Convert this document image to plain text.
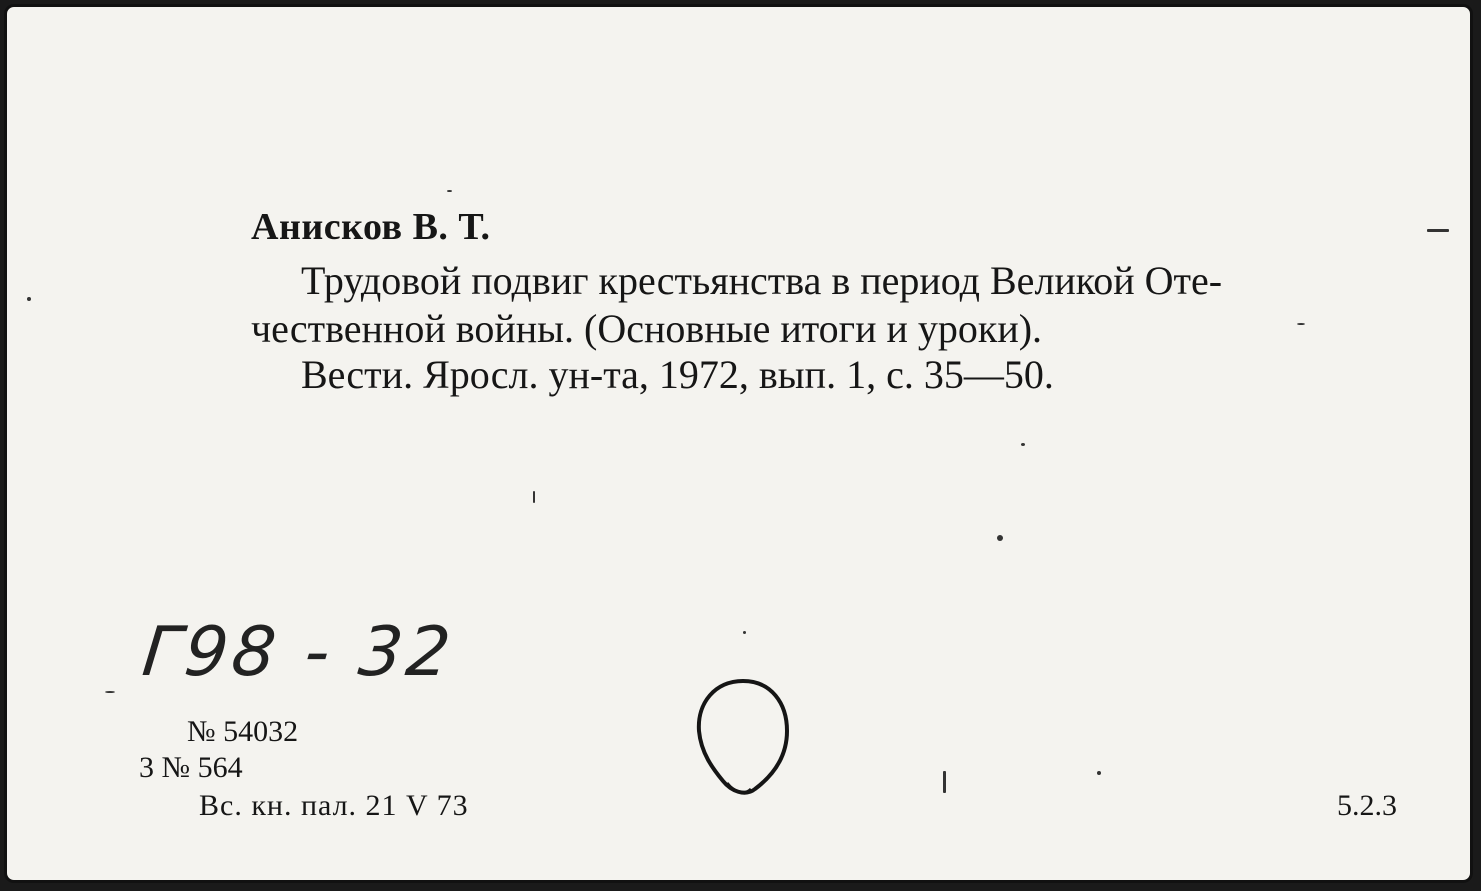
Анисков В. Т.
Трудовой подвиг крестьянства в период Великой Оте-
чественной войны. (Основные итоги и уроки).
Вести. Яросл. ун-та, 1972, вып. 1, с. 35—50.
Г98 - 32
№ 54032
3 № 564
Вс. кн. пал. 21 V 73	5.2.3
